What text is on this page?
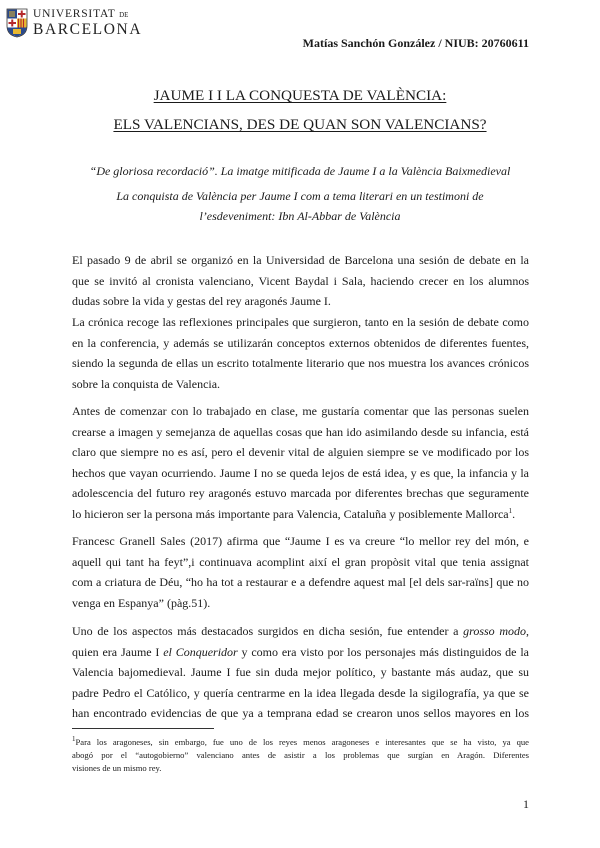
UNIVERSITAT DE
BARCELONA
Matías Sanchón González / NIUB: 20760611
JAUME I I LA CONQUESTA DE VALÈNCIA:
ELS VALENCIANS, DES DE QUAN SON VALENCIANS?
“De gloriosa recordació”. La imatge mitificada de Jaume I a la València Baixmedieval
La conquista de València per Jaume I com a tema literari en un testimoni de
l’esdeveniment: Ibn Al-Abbar de València
El pasado 9 de abril se organizó en la Universidad de Barcelona una sesión de debate en la
que se invitó al cronista valenciano, Vicent Baydal i Sala, haciendo crecer en los alumnos
dudas sobre la vida y gestas del rey aragonés Jaume I.
La crónica recoge las reflexiones principales que surgieron, tanto en la sesión de debate como
en la conferencia, y además se utilizarán conceptos externos obtenidos de diferentes fuentes,
siendo la segunda de ellas un escrito totalmente literario que nos muestra los avances crónicos
sobre la conquista de Valencia.
Antes de comenzar con lo trabajado en clase, me gustaría comentar que las personas suelen
crearse a imagen y semejanza de aquellas cosas que han ido asimilando desde su infancia, está
claro que siempre no es así, pero el devenir vital de alguien siempre se ve modificado por los
hechos que vayan ocurriendo. Jaume I no se queda lejos de está idea, y es que, la infancia y la
adolescencia del futuro rey aragonés estuvo marcada por diferentes brechas que seguramente
lo hicieron ser la persona más importante para Valencia, Cataluña y posiblemente Mallorca$^1$.
Francesc Granell Sales (2017) afirma que “Jaume I es va creure “lo mellor rey del món, e
aquell qui tant ha feyt”,i continuava acomplint així el gran propòsit vital que tenia assignat
com a criatura de Déu, “ho ha tot a restaurar e a defendre aquest mal [el dels sar-raïns] que no
venga en Espanya” (pàg.51).
Uno de los aspectos más destacados surgidos en dicha sesión, fue entender a grosso modo,
quien era Jaume I el Conqueridor y como era visto por los personajes más distinguidos de la
Valencia bajomedieval. Jaume I fue sin duda mejor político, y bastante más audaz, que su
padre Pedro el Católico, y quería centrarme en la idea llegada desde la sigilografía, ya que se
han encontrado evidencias de que ya a temprana edad se crearon unos sellos mayores en los
$^1$Para los aragoneses, sin embargo, fue uno de los reyes menos aragoneses e interesantes que se ha visto, ya que
abogó por el “autogobierno” valenciano antes de asistir a los problemas que surgían en Aragón. Diferentes
visiones de un mismo rey.
1
